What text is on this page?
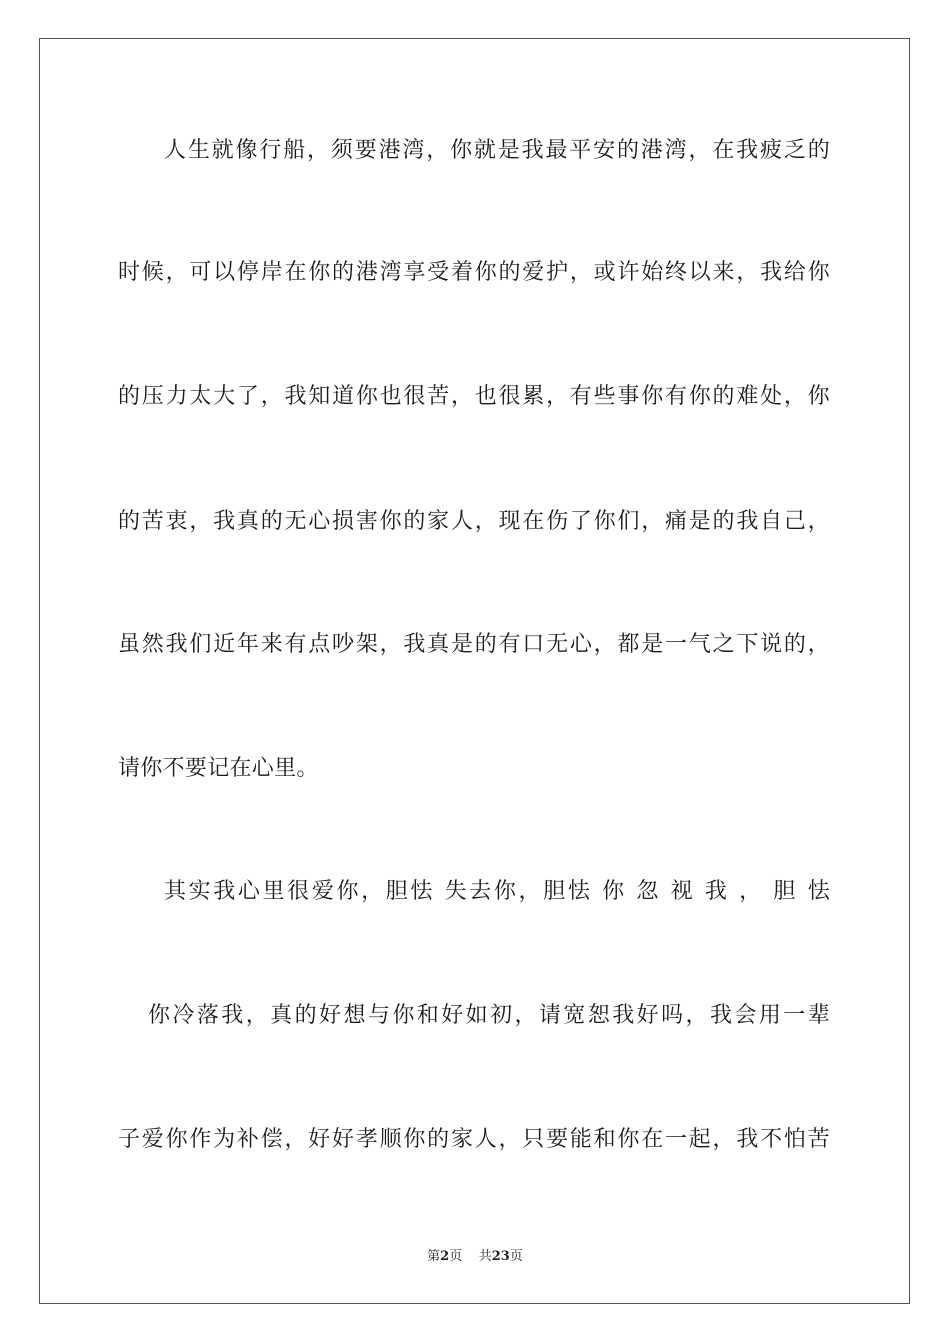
人生就像行船，须要港湾，你就是我最平安的港湾，在我疲乏的
时候，可以停岸在你的港湾享受着你的爱护，或许始终以来，我给你
的压力太大了，我知道你也很苦，也很累，有些事你有你的难处，你
的苦衷，我真的无心损害你的家人，现在伤了你们，痛是的我自己，
虽然我们近年来有点吵架，我真是的有口无心，都是一气之下说的，
请你不要记在心里。
其实我心里很爱你，胆怯 失去你，胆怯 你 忽 视 我 ， 胆 怯
你冷落我，真的好想与你和好如初，请宽恕我好吗，我会用一辈
子爱你作为补偿，好好孝顺你的家人，只要能和你在一起，我不怕苦
第2页 共23页
